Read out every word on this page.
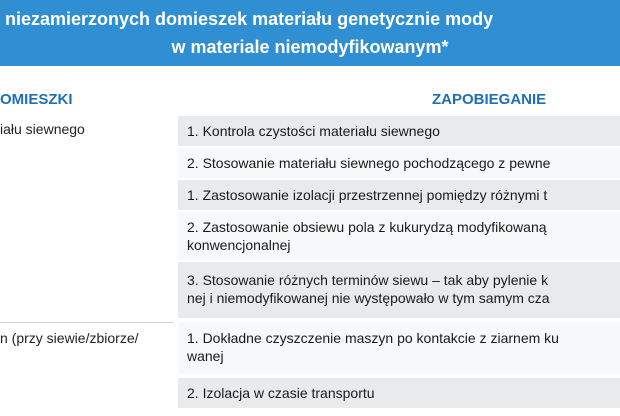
niezamierzonych domieszek materiału genetycznie mody
w materiale niemodyfikowanym*
OMIESZKI	ZAPOBIEGANIE
iału siewnego
n (przy siewie/zbiorze/
1. Kontrola czystości materiału siewnego
2. Stosowanie materiału siewnego pochodzącego z pewne
1. Zastosowanie izolacji przestrzennej pomiędzy różnymi t
2. Zastosowanie obsiewu pola z kukurydzą modyfikowaną
konwencjonalnej
3. Stosowanie różnych terminów siewu – tak aby pylenie k
nej i niemodyfikowanej nie występowało w tym samym cza
1. Dokładne czyszczenie maszyn po kontakcie z ziarnem ku
wanej
2. Izolacja w czasie transportu
